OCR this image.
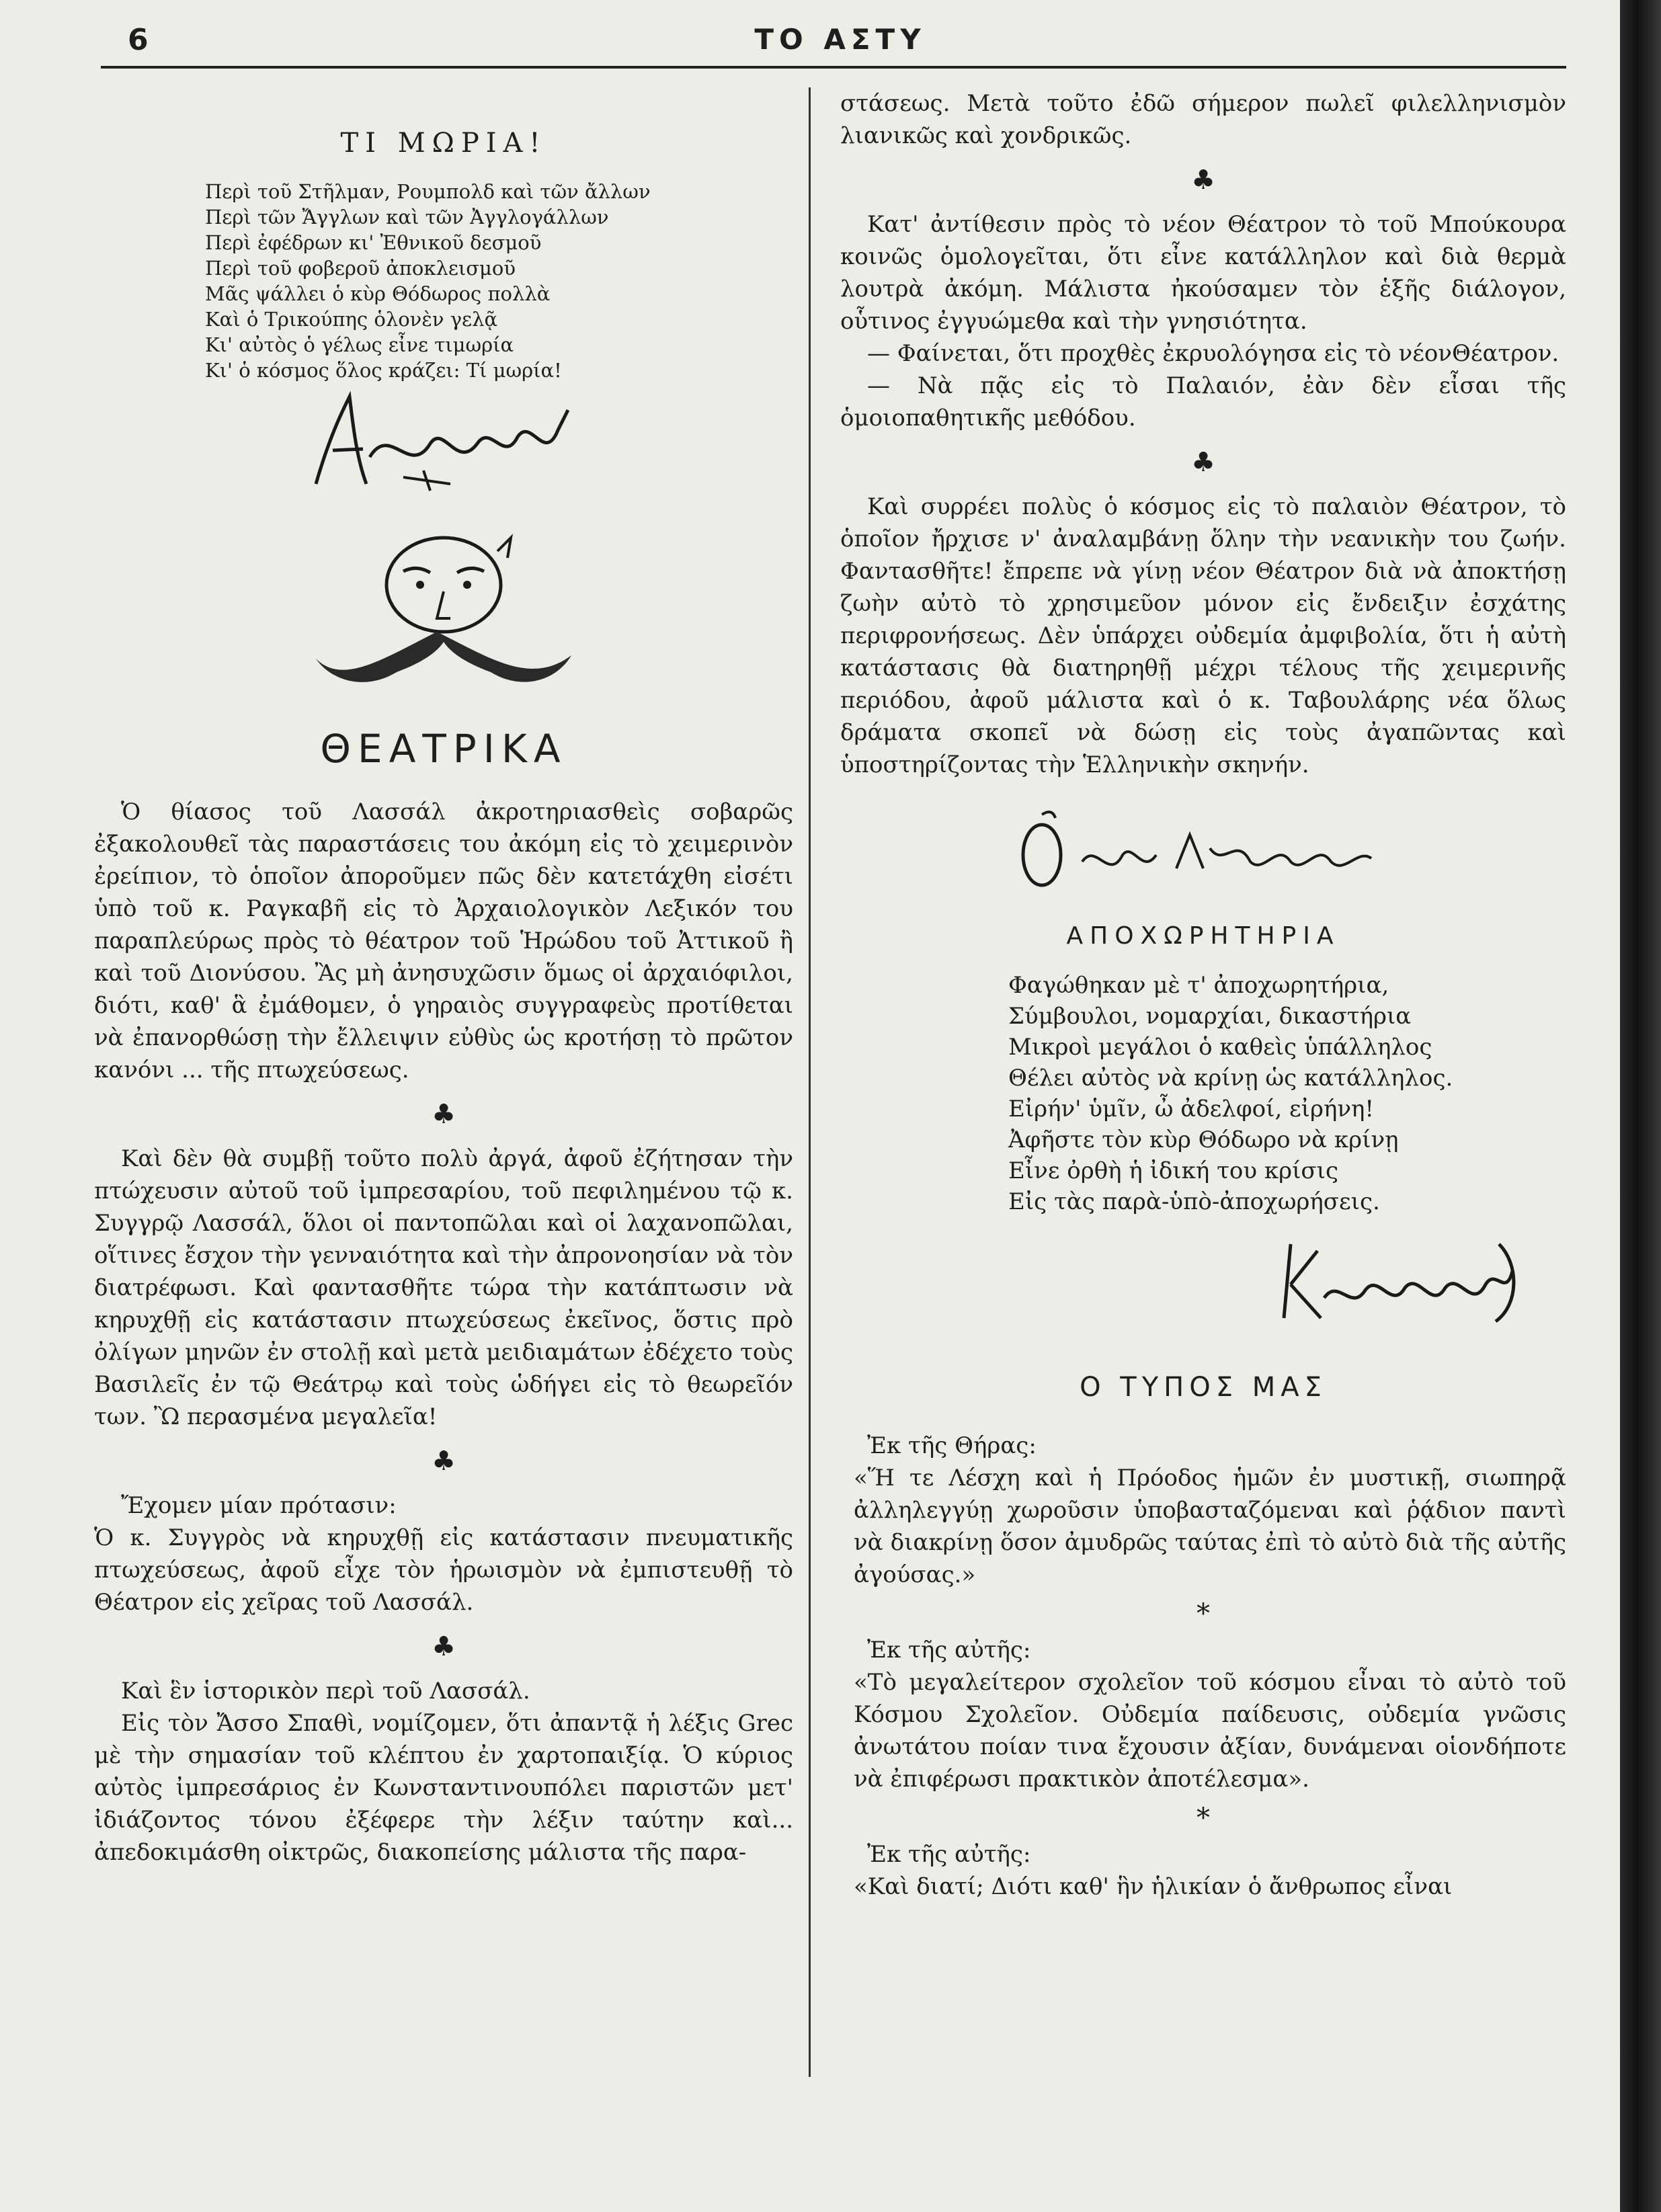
6	ΤΟ ΑΣΤΥ
ΤΙ ΜΩΡΙΑ!
Περὶ τοῦ Στῆλμαν, Ρουμπολδ καὶ τῶν ἄλλων
Περὶ τῶν Ἄγγλων καὶ τῶν Ἀγγλογάλλων
Περὶ ἐφέδρων κι' Ἐθνικοῦ δεσμοῦ
Περὶ τοῦ φοβεροῦ ἀποκλεισμοῦ
Μᾶς ψάλλει ὁ κὺρ Θόδωρος πολλὰ
Καὶ ὁ Τρικούπης ὁλονὲν γελᾷ
Κι' αὐτὸς ὁ γέλως εἶνε τιμωρία
Κι' ὁ κόσμος ὅλος κράζει: Τί μωρία!
ΘΕΑΤΡΙΚΑ

Ὁ θίασος τοῦ Λασσάλ ἀκροτηριασθεὶς σοβαρῶς ἐξακολουθεῖ τὰς παραστάσεις του ἀκόμη εἰς τὸ χειμερινὸν ἐρείπιον, τὸ ὁποῖον ἀποροῦμεν πῶς δὲν κατετάχθη εἰσέτι ὑπὸ τοῦ κ. Ραγκαβῆ εἰς τὸ Ἀρχαιολογικὸν Λεξικόν του παραπλεύρως πρὸς τὸ θέατρον τοῦ Ἡρώδου τοῦ Ἀττικοῦ ἢ καὶ τοῦ Διονύσου. Ἂς μὴ ἀνησυχῶσιν ὅμως οἱ ἀρχαιόφιλοι, διότι, καθ' ἃ ἐμάθομεν, ὁ γηραιὸς συγγραφεὺς προτίθεται νὰ ἐπανορθώσῃ τὴν ἔλλειψιν εὐθὺς ὡς κροτήσῃ τὸ πρῶτον κανόνι ... τῆς πτωχεύσεως.

♣

Καὶ δὲν θὰ συμβῇ τοῦτο πολὺ ἀργά, ἀφοῦ ἐζήτησαν τὴν πτώχευσιν αὐτοῦ τοῦ ἰμπρεσαρίου, τοῦ πεφιλημένου τῷ κ. Συγγρῷ Λασσάλ, ὅλοι οἱ παντοπῶλαι καὶ οἱ λαχανοπῶλαι, οἵτινες ἔσχον τὴν γενναιότητα καὶ τὴν ἀπρονοησίαν νὰ τὸν διατρέφωσι. Καὶ φαντασθῆτε τώρα τὴν κατάπτωσιν νὰ κηρυχθῇ εἰς κατάστασιν πτωχεύσεως ἐκεῖνος, ὅστις πρὸ ὀλίγων μηνῶν ἐν στολῇ καὶ μετὰ μειδιαμάτων ἐδέχετο τοὺς Βασιλεῖς ἐν τῷ Θεάτρῳ καὶ τοὺς ὡδήγει εἰς τὸ θεωρεῖόν των. Ὢ περασμένα μεγαλεῖα!

♣

Ἔχομεν μίαν πρότασιν:

Ὁ κ. Συγγρὸς νὰ κηρυχθῇ εἰς κατάστασιν πνευματικῆς πτωχεύσεως, ἀφοῦ εἶχε τὸν ἡρωισμὸν νὰ ἐμπιστευθῇ τὸ Θέατρον εἰς χεῖρας τοῦ Λασσάλ.

♣

Καὶ ἓν ἱστορικὸν περὶ τοῦ Λασσάλ.

Εἰς τὸν Ἄσσο Σπαθὶ, νομίζομεν, ὅτι ἀπαντᾷ ἡ λέξις Grec μὲ τὴν σημασίαν τοῦ κλέπτου ἐν χαρτοπαιξίᾳ. Ὁ κύριος αὐτὸς ἰμπρεσάριος ἐν Κωνσταντινουπόλει παριστῶν μετ' ἰδιάζοντος τόνου ἐξέφερε τὴν λέξιν ταύτην καὶ... ἀπεδοκιμάσθη οἰκτρῶς, διακοπείσης μάλιστα τῆς παρα-

στάσεως. Μετὰ τοῦτο ἐδῶ σήμερον πωλεῖ φιλελληνισμὸν λιανικῶς καὶ χονδρικῶς.

♣

Κατ' ἀντίθεσιν πρὸς τὸ νέον Θέατρον τὸ τοῦ Μπούκουρα κοινῶς ὁμολογεῖται, ὅτι εἶνε κατάλληλον καὶ διὰ θερμὰ λουτρὰ ἀκόμη. Μάλιστα ἠκούσαμεν τὸν ἑξῆς διάλογον, οὗτινος ἐγγυώμεθα καὶ τὴν γνησιότητα.

— Φαίνεται, ὅτι προχθὲς ἐκρυολόγησα εἰς τὸ νέονΘέατρον.

— Νὰ πᾷς εἰς τὸ Παλαιόν, ἐὰν δὲν εἶσαι τῆς ὁμοιοπαθητικῆς μεθόδου.

♣

Καὶ συρρέει πολὺς ὁ κόσμος εἰς τὸ παλαιὸν Θέατρον, τὸ ὁποῖον ἤρχισε ν' ἀναλαμβάνῃ ὅλην τὴν νεανικὴν του ζωήν. Φαντασθῆτε! ἔπρεπε νὰ γίνῃ νέον Θέατρον διὰ νὰ ἀποκτήσῃ ζωὴν αὐτὸ τὸ χρησιμεῦον μόνον εἰς ἔνδειξιν ἐσχάτης περιφρονήσεως. Δὲν ὑπάρχει οὐδεμία ἀμφιβολία, ὅτι ἡ αὐτὴ κατάστασις θὰ διατηρηθῇ μέχρι τέλους τῆς χειμερινῆς περιόδου, ἀφοῦ μάλιστα καὶ ὁ κ. Ταβουλάρης νέα ὅλως δράματα σκοπεῖ νὰ δώσῃ εἰς τοὺς ἀγαπῶντας καὶ ὑποστηρίζοντας τὴν Ἑλληνικὴν σκηνήν.

ΑΠΟΧΩΡΗΤΗΡΙΑ
Φαγώθηκαν μὲ τ' ἀποχωρητήρια,
Σύμβουλοι, νομαρχίαι, δικαστήρια
Μικροὶ μεγάλοι ὁ καθεὶς ὑπάλληλος
Θέλει αὐτὸς νὰ κρίνῃ ὡς κατάλληλος.
Εἰρήν' ὑμῖν, ὦ ἀδελφοί, εἰρήνη!
Ἀφῆστε τὸν κὺρ Θόδωρο νὰ κρίνῃ
Εἶνε ὀρθὴ ἡ ἰδική του κρίσις
Εἰς τὰς παρὰ-ὑπὸ-ἀποχωρήσεις.
Ο ΤΥΠΟΣ ΜΑΣ

Ἐκ τῆς Θήρας:

«Ἥ τε Λέσχη καὶ ἡ Πρόοδος ἡμῶν ἐν μυστικῇ, σιωπηρᾷ ἀλληλεγγύῃ χωροῦσιν ὑποβασταζόμεναι καὶ ῥᾴδιον παντὶ νὰ διακρίνῃ ὅσον ἀμυδρῶς ταύτας ἐπὶ τὸ αὐτὸ διὰ τῆς αὐτῆς ἀγούσας.»

*

Ἐκ τῆς αὐτῆς:

«Τὸ μεγαλείτερον σχολεῖον τοῦ κόσμου εἶναι τὸ αὐτὸ τοῦ Κόσμου Σχολεῖον. Οὐδεμία παίδευσις, οὐδεμία γνῶσις ἀνωτάτου ποίαν τινα ἔχουσιν ἀξίαν, δυνάμεναι οἱονδήποτε νὰ ἐπιφέρωσι πρακτικὸν ἀποτέλεσμα».

*

Ἐκ τῆς αὐτῆς:

«Καὶ διατί; Διότι καθ' ἣν ἡλικίαν ὁ ἄνθρωπος εἶναι
